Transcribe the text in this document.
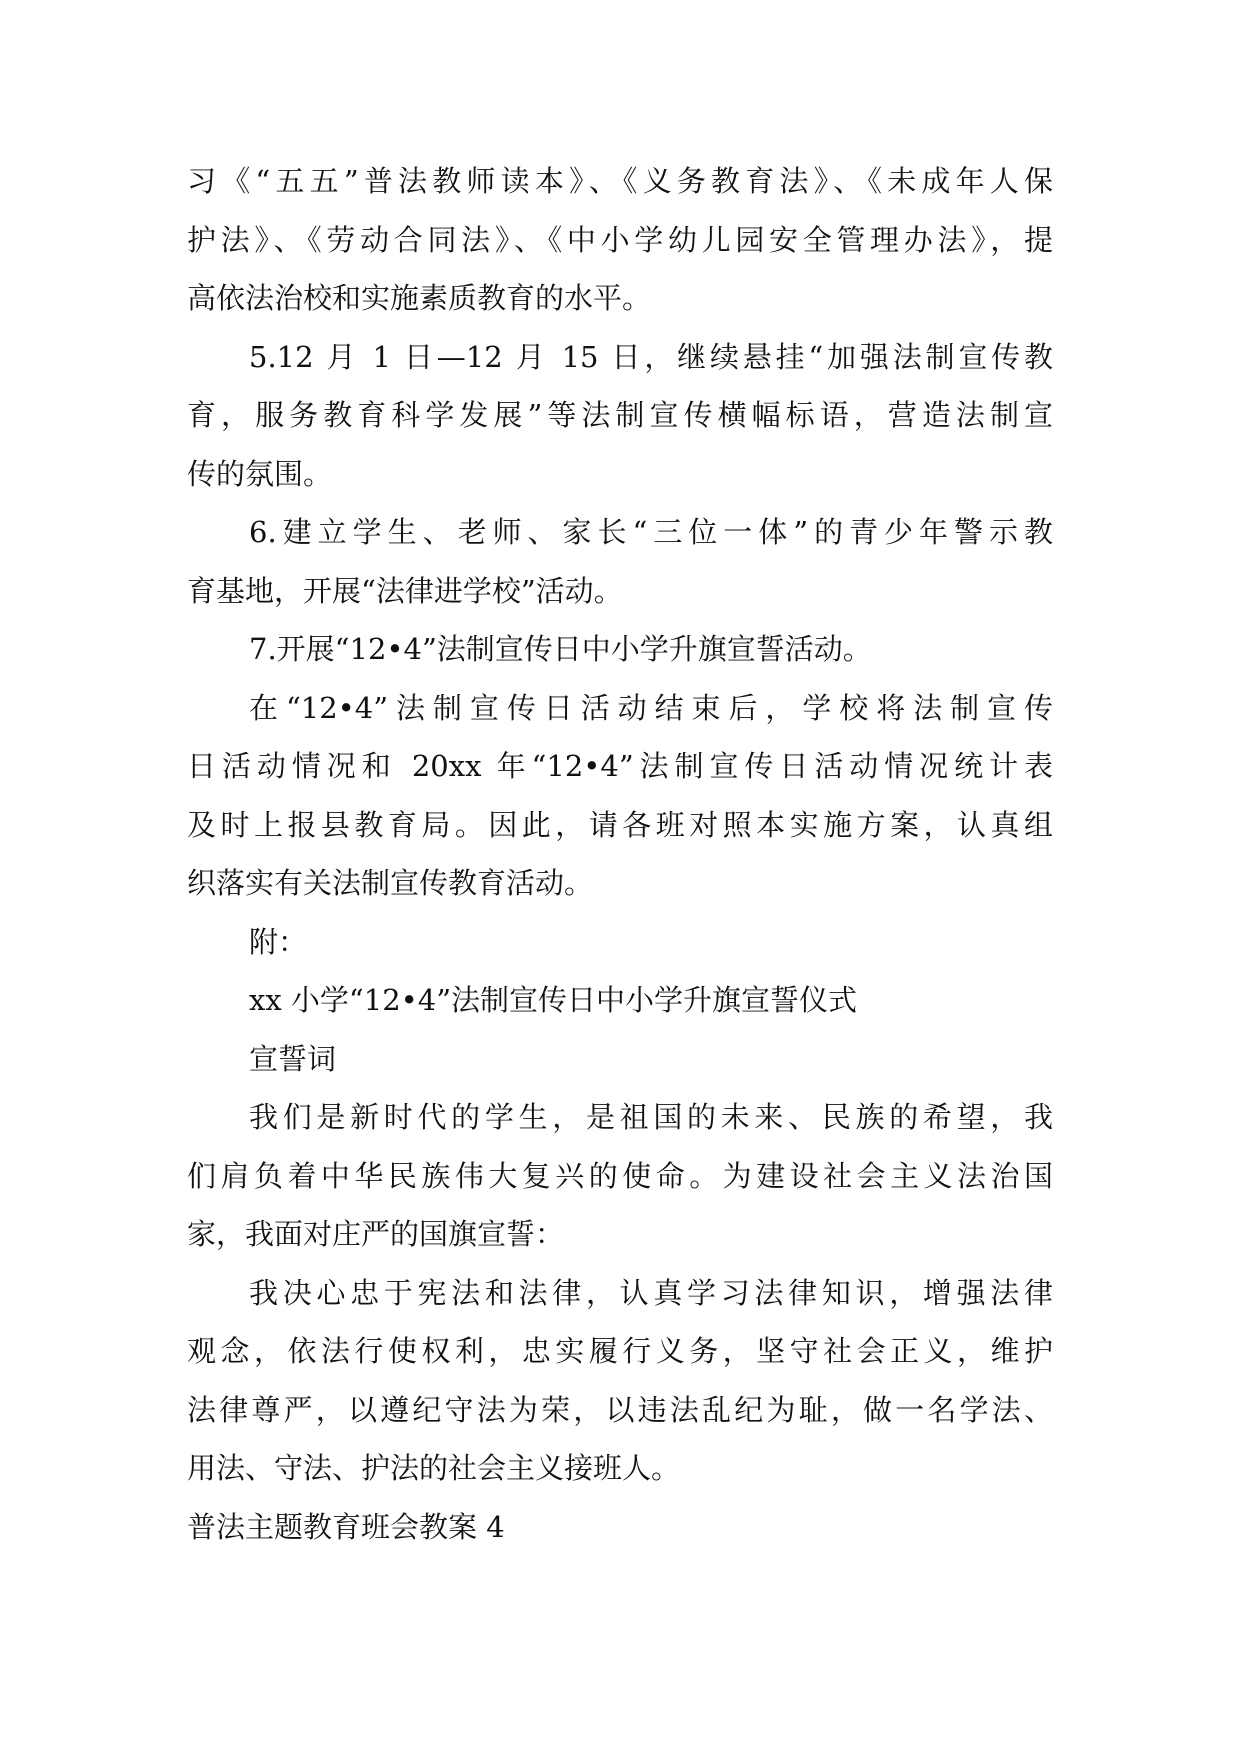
习《“五五”普法教师读本》、《义务教育法》、《未成年人保
护法》、《劳动合同法》、《中小学幼儿园安全管理办法》，提
高依法治校和实施素质教育的水平。
5.12 月 1 日—12 月 15 日，继续悬挂“加强法制宣传教
育，服务教育科学发展”等法制宣传横幅标语，营造法制宣
传的氛围。
6.建立学生、老师、家长“三位一体”的青少年警示教
育基地，开展“法律进学校”活动。
7.开展“12•4”法制宣传日中小学升旗宣誓活动。
在“12•4”法制宣传日活动结束后，学校将法制宣传
日活动情况和 20xx 年“12•4”法制宣传日活动情况统计表
及时上报县教育局。因此，请各班对照本实施方案，认真组
织落实有关法制宣传教育活动。
附：
xx 小学“12•4”法制宣传日中小学升旗宣誓仪式
宣誓词
我们是新时代的学生，是祖国的未来、民族的希望，我
们肩负着中华民族伟大复兴的使命。为建设社会主义法治国
家，我面对庄严的国旗宣誓：
我决心忠于宪法和法律，认真学习法律知识，增强法律
观念，依法行使权利，忠实履行义务，坚守社会正义，维护
法律尊严，以遵纪守法为荣，以违法乱纪为耻，做一名学法、
用法、守法、护法的社会主义接班人。
普法主题教育班会教案 4
